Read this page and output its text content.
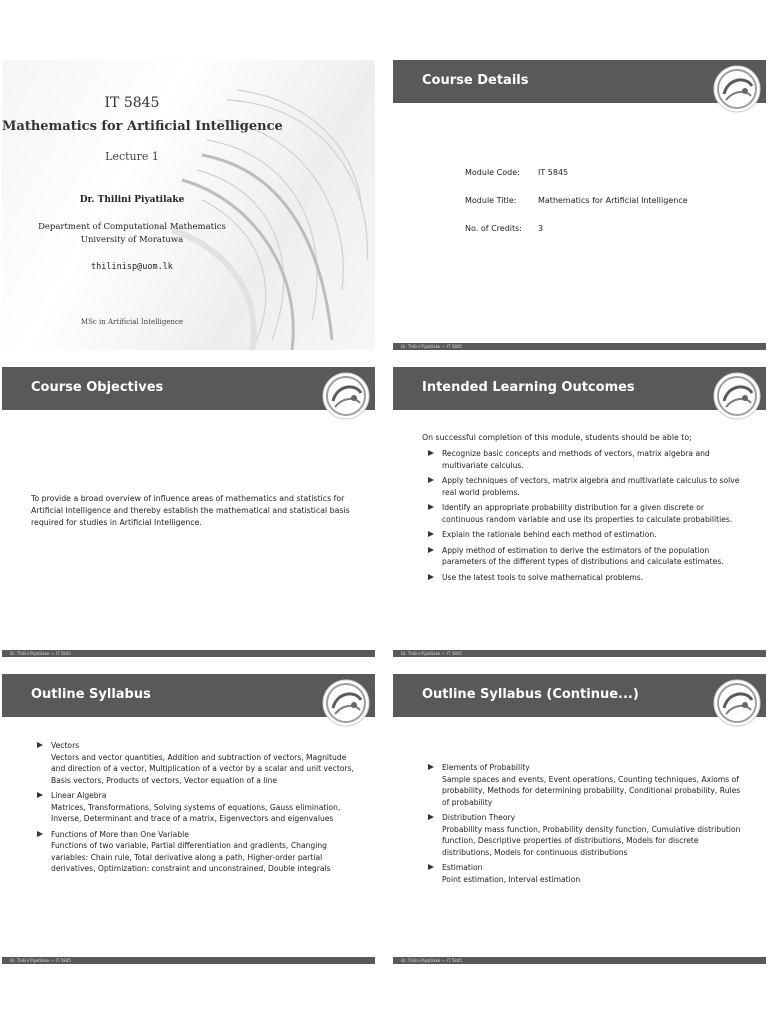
IT 5845
Mathematics for Artificial Intelligence
Lecture 1
Dr. Thilini Piyatilake
Department of Computational Mathematics
University of Moratuwa
thilinisp@uom.lk
MSc in Artificial Intelligence
Course Details
Module Code: IT 5845
Module Title:	Mathematics for Artificial Intelligence
No. of Credits: 3
Dr. Thilini Piyatilake — IT 5845
Course Objectives
To provide a broad overview of influence areas of mathematics and statistics for Artificial Intelligence and thereby establish the mathematical and statistical basis required for studies in Artificial Intelligence.
Dr. Thilini Piyatilake — IT 5845
Intended Learning Outcomes
On successful completion of this module, students should be able to;
Recognize basic concepts and methods of vectors, matrix algebra and multivariate calculus.
Apply techniques of vectors, matrix algebra and multivariate calculus to solve real world problems.
Identify an appropriate probability distribution for a given discrete or continuous random variable and use its properties to calculate probabilities.
Explain the rationale behind each method of estimation.
Apply method of estimation to derive the estimators of the population parameters of the different types of distributions and calculate estimates.
Use the latest tools to solve mathematical problems.
Dr. Thilini Piyatilake — IT 5845
Outline Syllabus
Vectors
Vectors and vector quantities, Addition and subtraction of vectors, Magnitude and direction of a vector, Multiplication of a vector by a scalar and unit vectors, Basis vectors, Products of vectors, Vector equation of a line
Linear Algebra
Matrices, Transformations, Solving systems of equations, Gauss elimination, Inverse, Determinant and trace of a matrix, Eigenvectors and eigenvalues
Functions of More than One Variable
Functions of two variable, Partial differentiation and gradients, Changing variables: Chain rule, Total derivative along a path, Higher-order partial derivatives, Optimization: constraint and unconstrained, Double integrals
Dr. Thilini Piyatilake — IT 5845
Outline Syllabus (Continue...)
Elements of Probability
Sample spaces and events, Event operations, Counting techniques, Axioms of probability, Methods for determining probability, Conditional probability, Rules of probability
Distribution Theory
Probability mass function, Probability density function, Cumulative distribution function, Descriptive properties of distributions, Models for discrete distributions, Models for continuous distributions
Estimation
Point estimation, Interval estimation
Dr. Thilini Piyatilake — IT 5845
